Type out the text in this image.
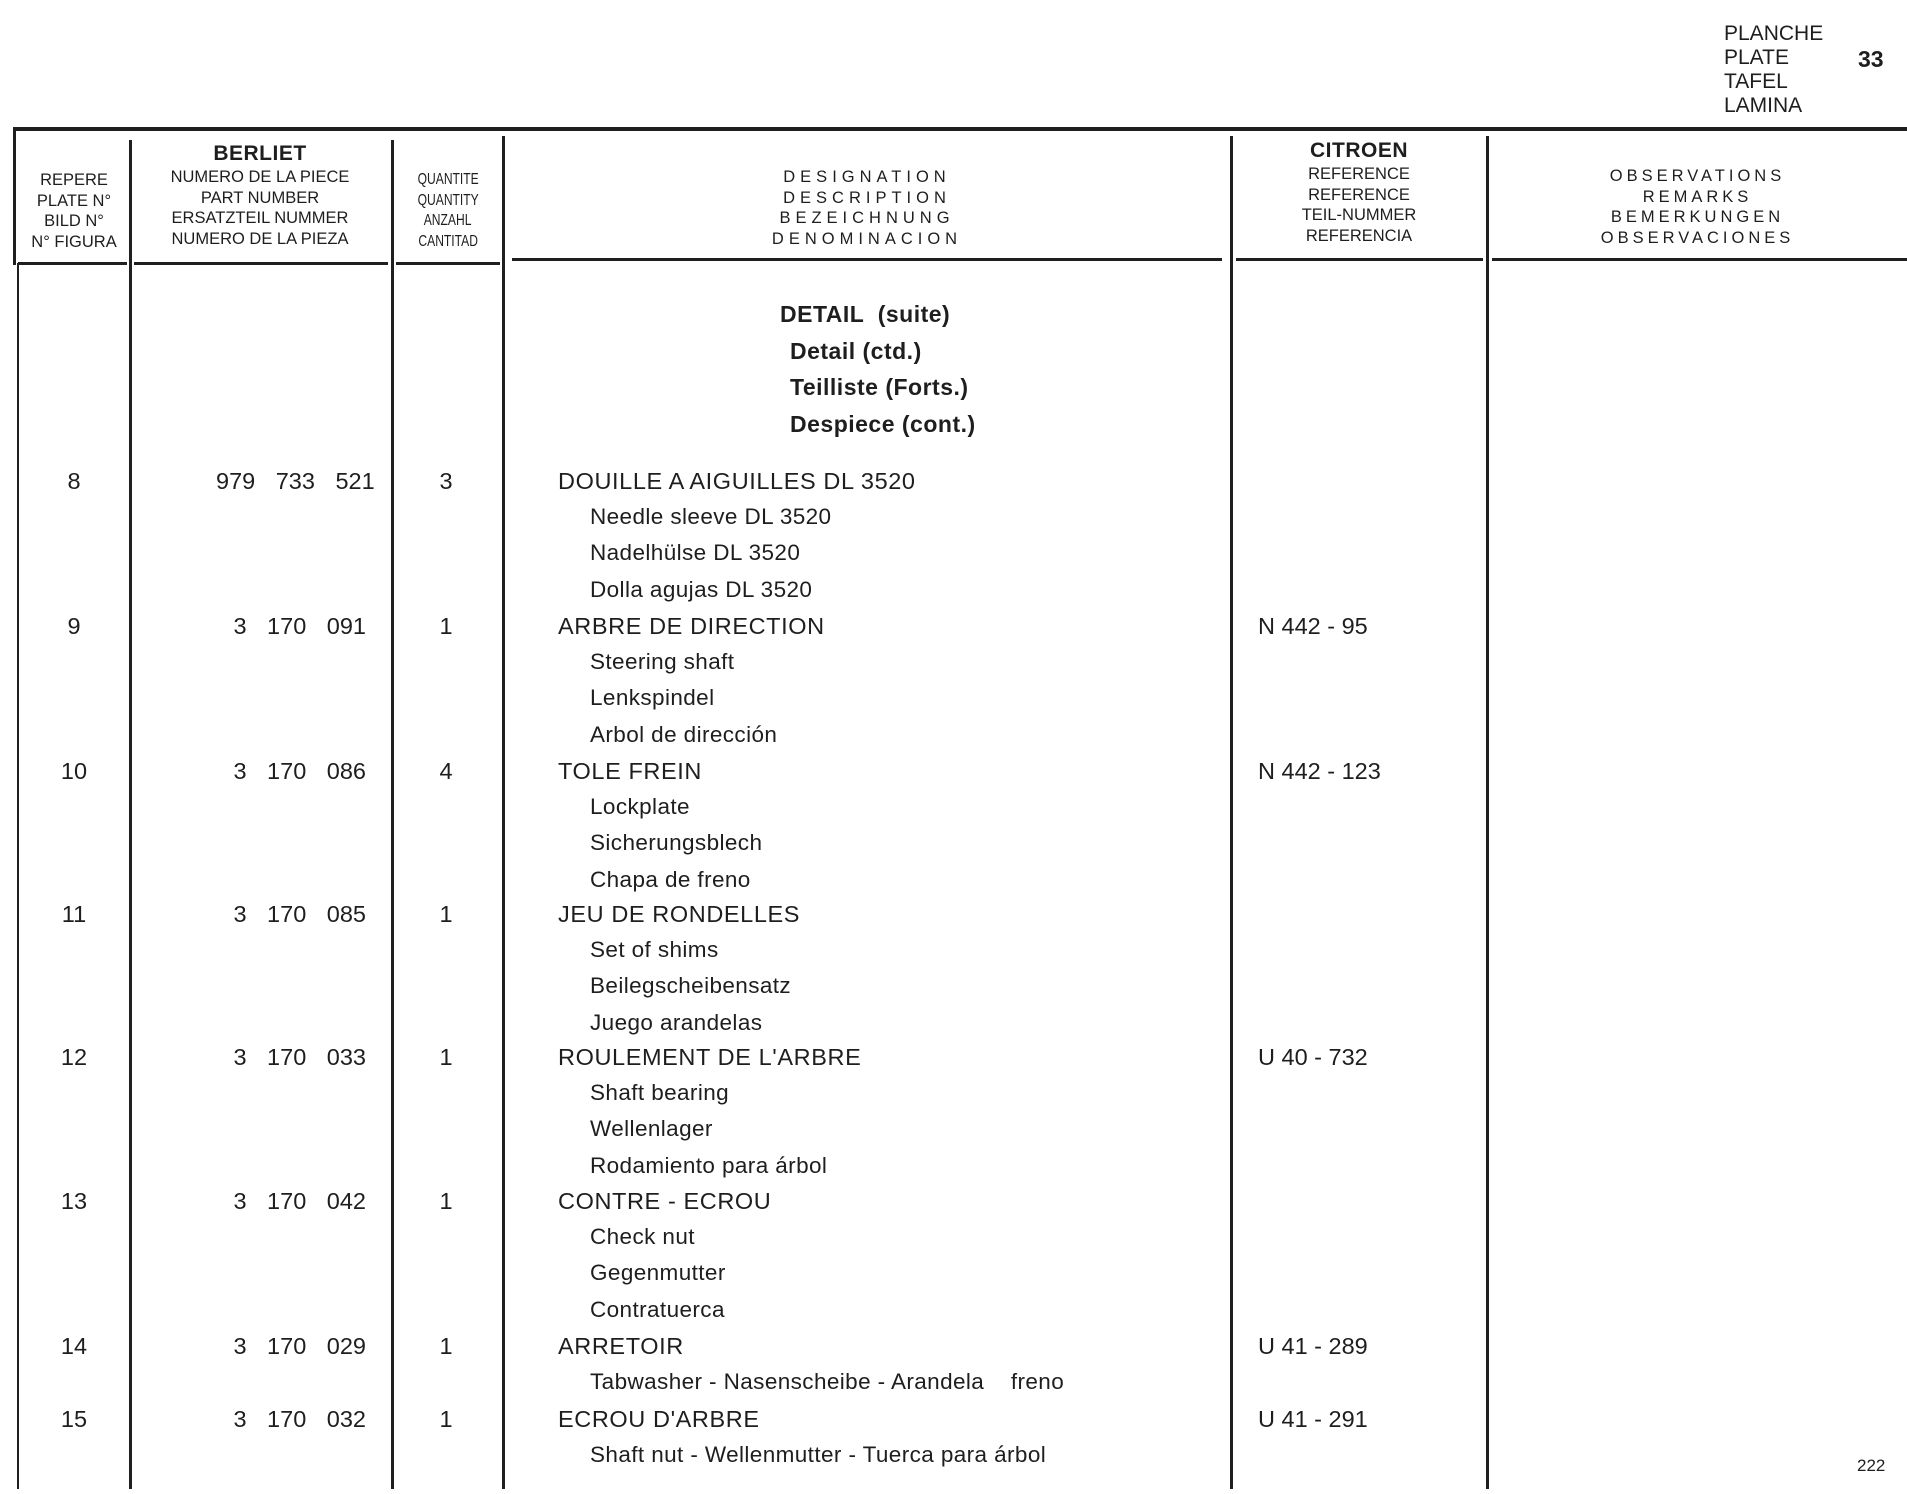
PLANCHE
PLATE
TAFEL
LAMINA
33
REPERE
PLATE N°
BILD N°
N° FIGURA
BERLIET
NUMERO DE LA PIECE
PART NUMBER
ERSATZTEIL NUMMER
NUMERO DE LA PIEZA
QUANTITE
QUANTITY
ANZAHL
CANTITAD
DESIGNATION
DESCRIPTION
BEZEICHNUNG
DENOMINACION
CITROEN
REFERENCE
REFERENCE
TEIL-NUMMER
REFERENCIA
OBSERVATIONS
REMARKS
BEMERKUNGEN
OBSERVACIONES
DETAIL  (suite)
Detail (ctd.)
Teilliste (Forts.)
Despiece (cont.)
8	979 733 521	3	DOUILLE A AIGUILLES DL 3520
Needle sleeve DL 3520
Nadelhülse DL 3520
Dolla agujas DL 3520
9	3 170 091	1	ARBRE DE DIRECTION	N 442 - 95
Steering shaft
Lenkspindel
Arbol de dirección
10	3 170 086	4	TOLE FREIN	N 442 - 123
Lockplate
Sicherungsblech
Chapa de freno
11	3 170 085	1	JEU DE RONDELLES
Set of shims
Beilegscheibensatz
Juego arandelas
12	3 170 033	1	ROULEMENT DE L'ARBRE	U 40 - 732
Shaft bearing
Wellenlager
Rodamiento para árbol
13	3 170 042	1	CONTRE - ECROU
Check nut
Gegenmutter
Contratuerca
14	3 170 029	1	ARRETOIR	U 41 - 289
Tabwasher - Nasenscheibe - Arandela    freno
15	3 170 032	1	ECROU D'ARBRE	U 41 - 291
Shaft nut - Wellenmutter - Tuerca para árbol	222
